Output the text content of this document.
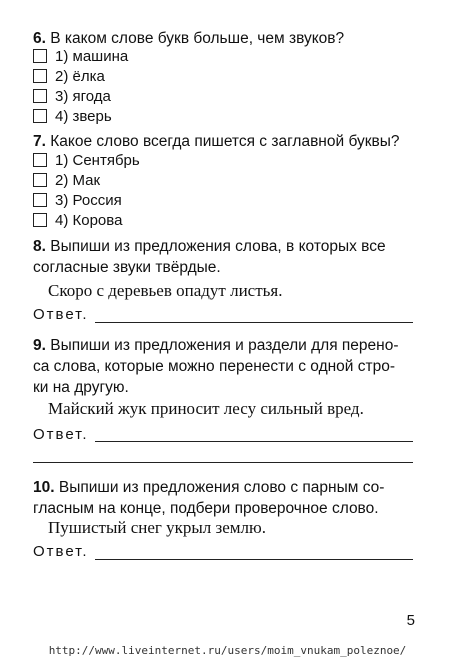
6. В каком слове букв больше, чем звуков?
1) машина
2) ёлка
3) ягода
4) зверь
7. Какое слово всегда пишется с заглавной буквы?
1) Сентябрь
2) Мак
3) Россия
4) Корова
8. Выпиши из предложения слова, в которых все
согласные звуки твёрдые.
Скоро с деревьев опадут листья.
Ответ.
9. Выпиши из предложения и раздели для перено-
са слова, которые можно перенести с одной стро-
ки на другую.
Майский жук приносит лесу сильный вред.
Ответ.
10. Выпиши из предложения слово с парным со-
гласным на конце, подбери проверочное слово.
Пушистый снег укрыл землю.
Ответ.
5
http://www.liveinternet.ru/users/moim_vnukam_poleznoe/
